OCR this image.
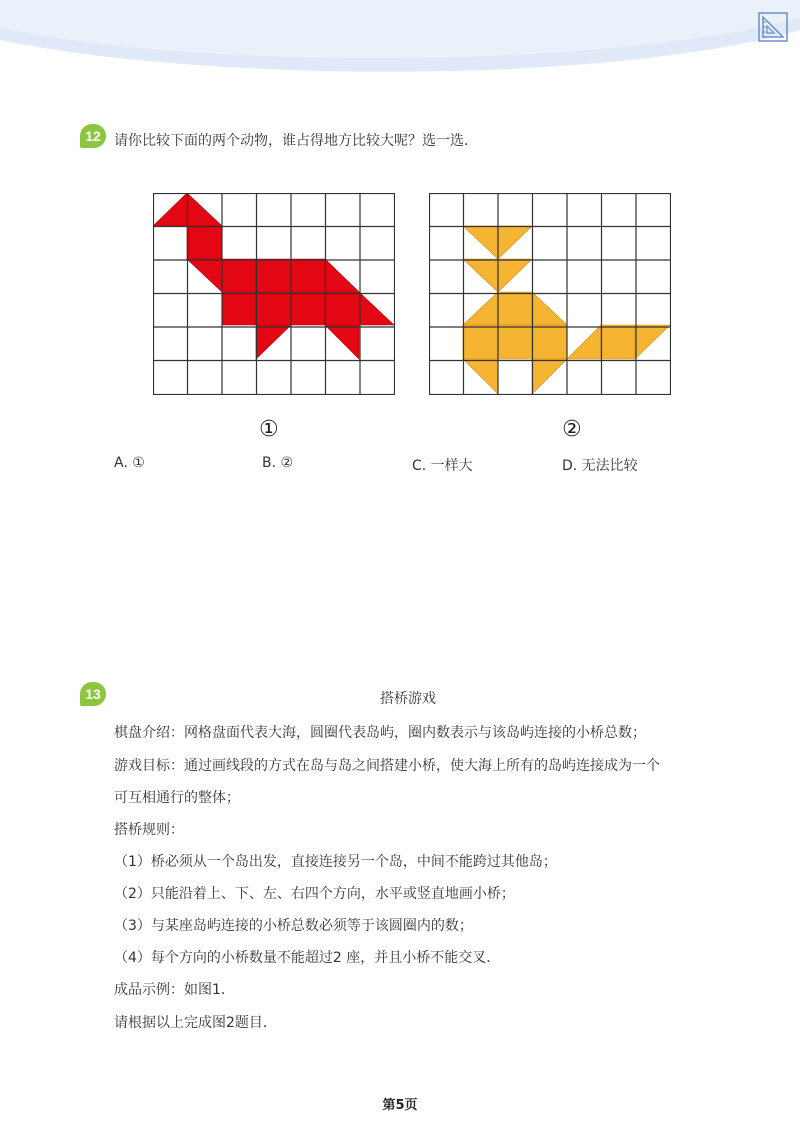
12 请你比较下面的两个动物，谁占得地方比较大呢？选一选．
①	②
A. ①	B. ②	C. 一样大	D. 无法比较
13	搭桥游戏
棋盘介绍：网格盘面代表大海，圆圈代表岛屿，圈内数表示与该岛屿连接的小桥总数；
游戏目标：通过画线段的方式在岛与岛之间搭建小桥，使大海上所有的岛屿连接成为一个
可互相通行的整体；
搭桥规则：
（1）桥必须从一个岛出发，直接连接另一个岛，中间不能跨过其他岛；
（2）只能沿着上、下、左、右四个方向，水平或竖直地画小桥；
（3）与某座岛屿连接的小桥总数必须等于该圆圈内的数；
（4）每个方向的小桥数量不能超过2 座，并且小桥不能交叉．
成品示例：如图1．
请根据以上完成图2题目．
第5页
